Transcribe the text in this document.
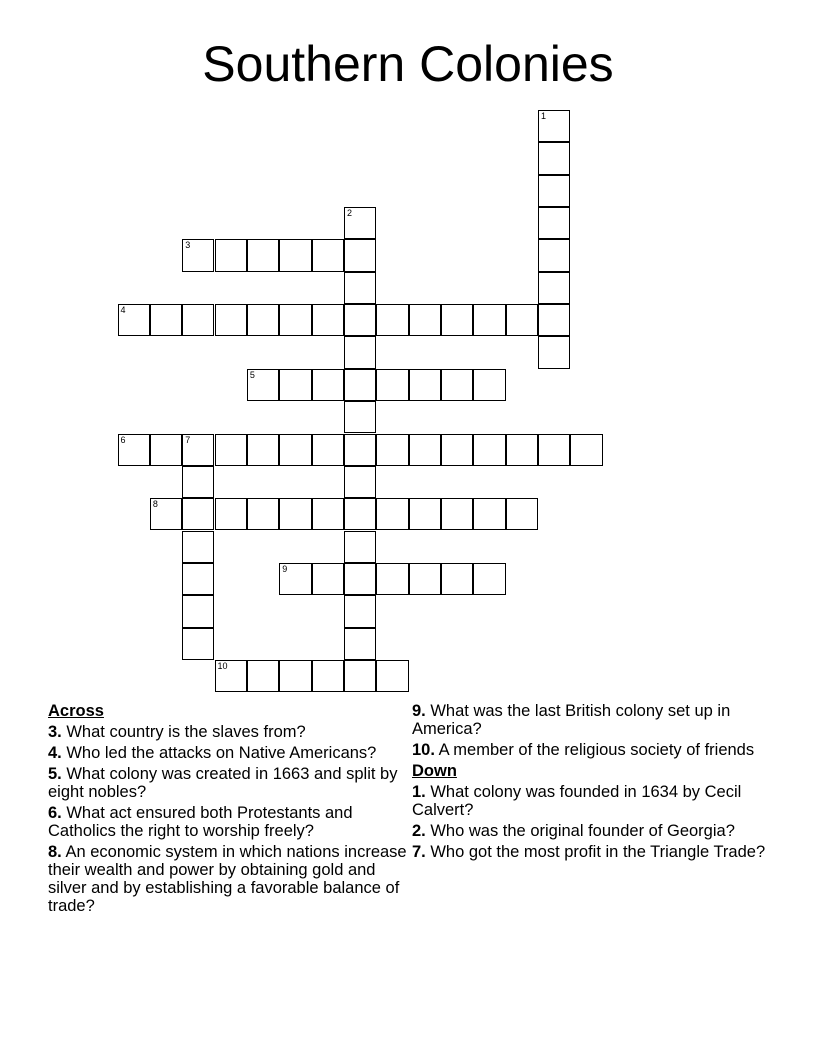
Southern Colonies
1
2
3
4
5
6	7
8
9
10
Across
3. What country is the slaves from?
4. Who led the attacks on Native Americans?
5. What colony was created in 1663 and split by eight nobles?
6. What act ensured both Protestants and Catholics the right to worship freely?
8. An economic system in which nations increase their wealth and power by obtaining gold and silver and by establishing a favorable balance of trade?
9. What was the last British colony set up in America?
10. A member of the religious society of friends
Down
1. What colony was founded in 1634 by Cecil Calvert?
2. Who was the original founder of Georgia?
7. Who got the most profit in the Triangle Trade?
